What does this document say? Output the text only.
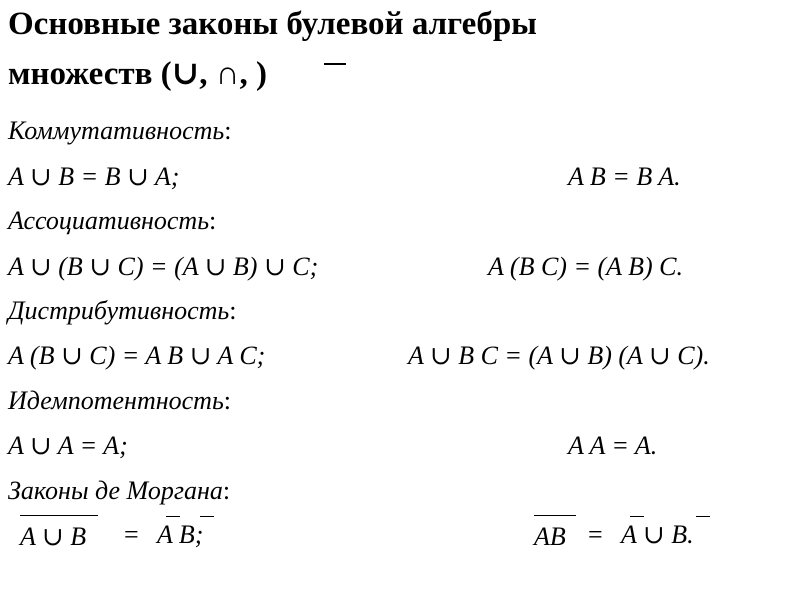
Основные законы булевой алгебры
множеств (∪, ∩, )
Коммутативность:
A ∪ B = B ∪ A;	A B = B A.
Ассоциативность:
A ∪ (B ∪ C) = (A ∪ B) ∪ C;	A (B C) = (A B) C.
Дистрибутивность:
A (B ∪ C) = A B ∪ A C;	A ∪ B C = (A ∪ B) (A ∪ C).
Идемпотентность:
A ∪ A = A;	A A = A.
Законы де Моргана:
A ∪ B = A B;	AB = A ∪ B.
